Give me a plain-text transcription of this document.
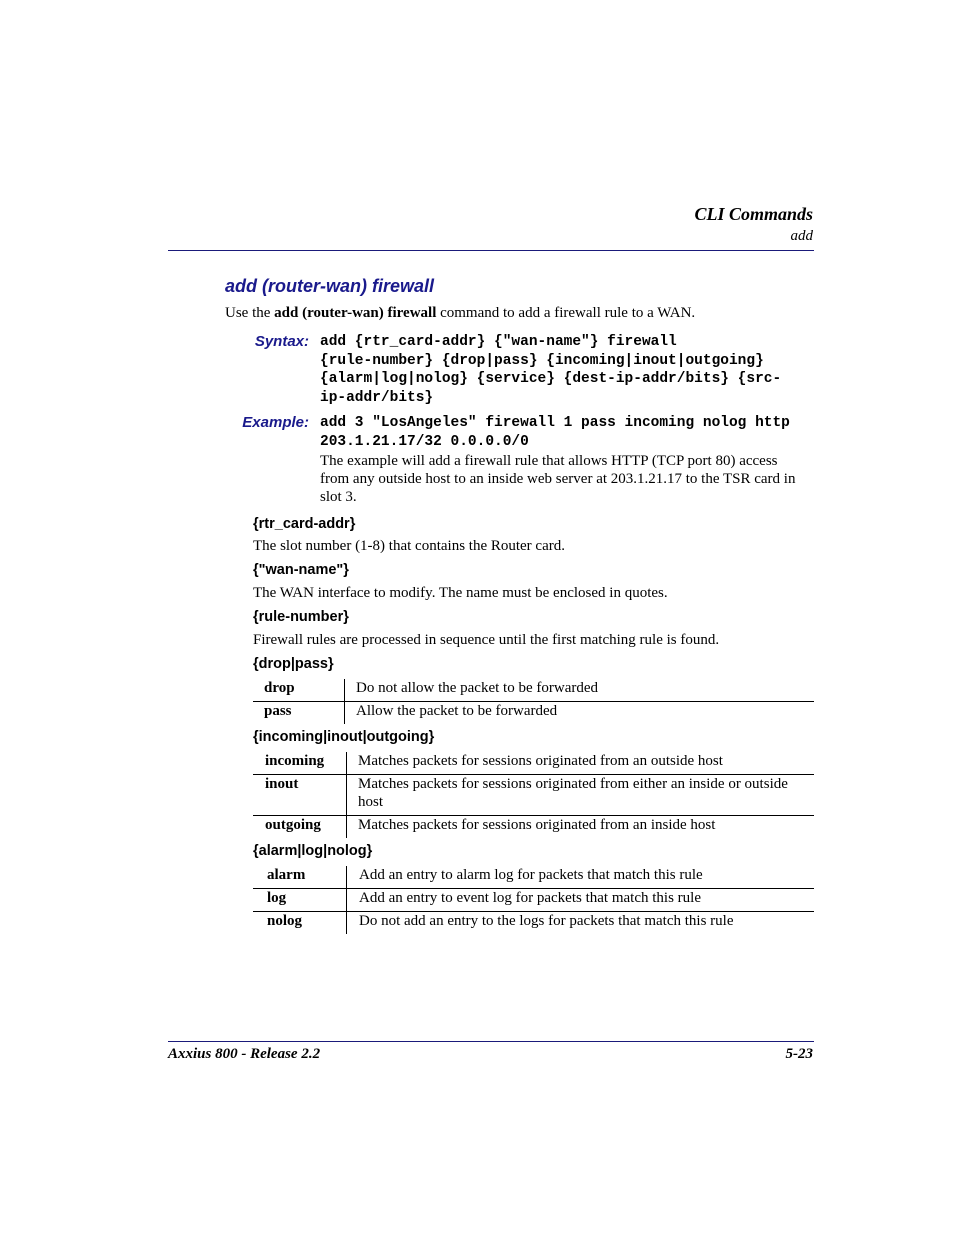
CLI Commands
add
add (router-wan) firewall
Use the add (router-wan) firewall command to add a firewall rule to a WAN.
Syntax: add {rtr_card-addr} {"wan-name"} firewall
{rule-number} {drop|pass} {incoming|inout|outgoing}
{alarm|log|nolog} {service} {dest-ip-addr/bits} {src-
ip-addr/bits}
Example: add 3 "LosAngeles" firewall 1 pass incoming nolog http
203.1.21.17/32 0.0.0.0/0
The example will add a firewall rule that allows HTTP (TCP port 80) access
from any outside host to an inside web server at 203.1.21.17 to the TSR card in
slot 3.
{rtr_card-addr}
The slot number (1-8) that contains the Router card.
{"wan-name"}
The WAN interface to modify. The name must be enclosed in quotes.
{rule-number}
Firewall rules are processed in sequence until the first matching rule is found.
{drop|pass}
drop	Do not allow the packet to be forwarded
pass	Allow the packet to be forwarded
{incoming|inout|outgoing}
incoming	Matches packets for sessions originated from an outside host
inout	Matches packets for sessions originated from either an inside or outside
host

outgoing	Matches packets for sessions originated from an inside host
{alarm|log|nolog}
alarm	Add an entry to alarm log for packets that match this rule
log	Add an entry to event log for packets that match this rule
nolog	Do not add an entry to the logs for packets that match this rule
Axxius 800 - Release 2.2	5-23
